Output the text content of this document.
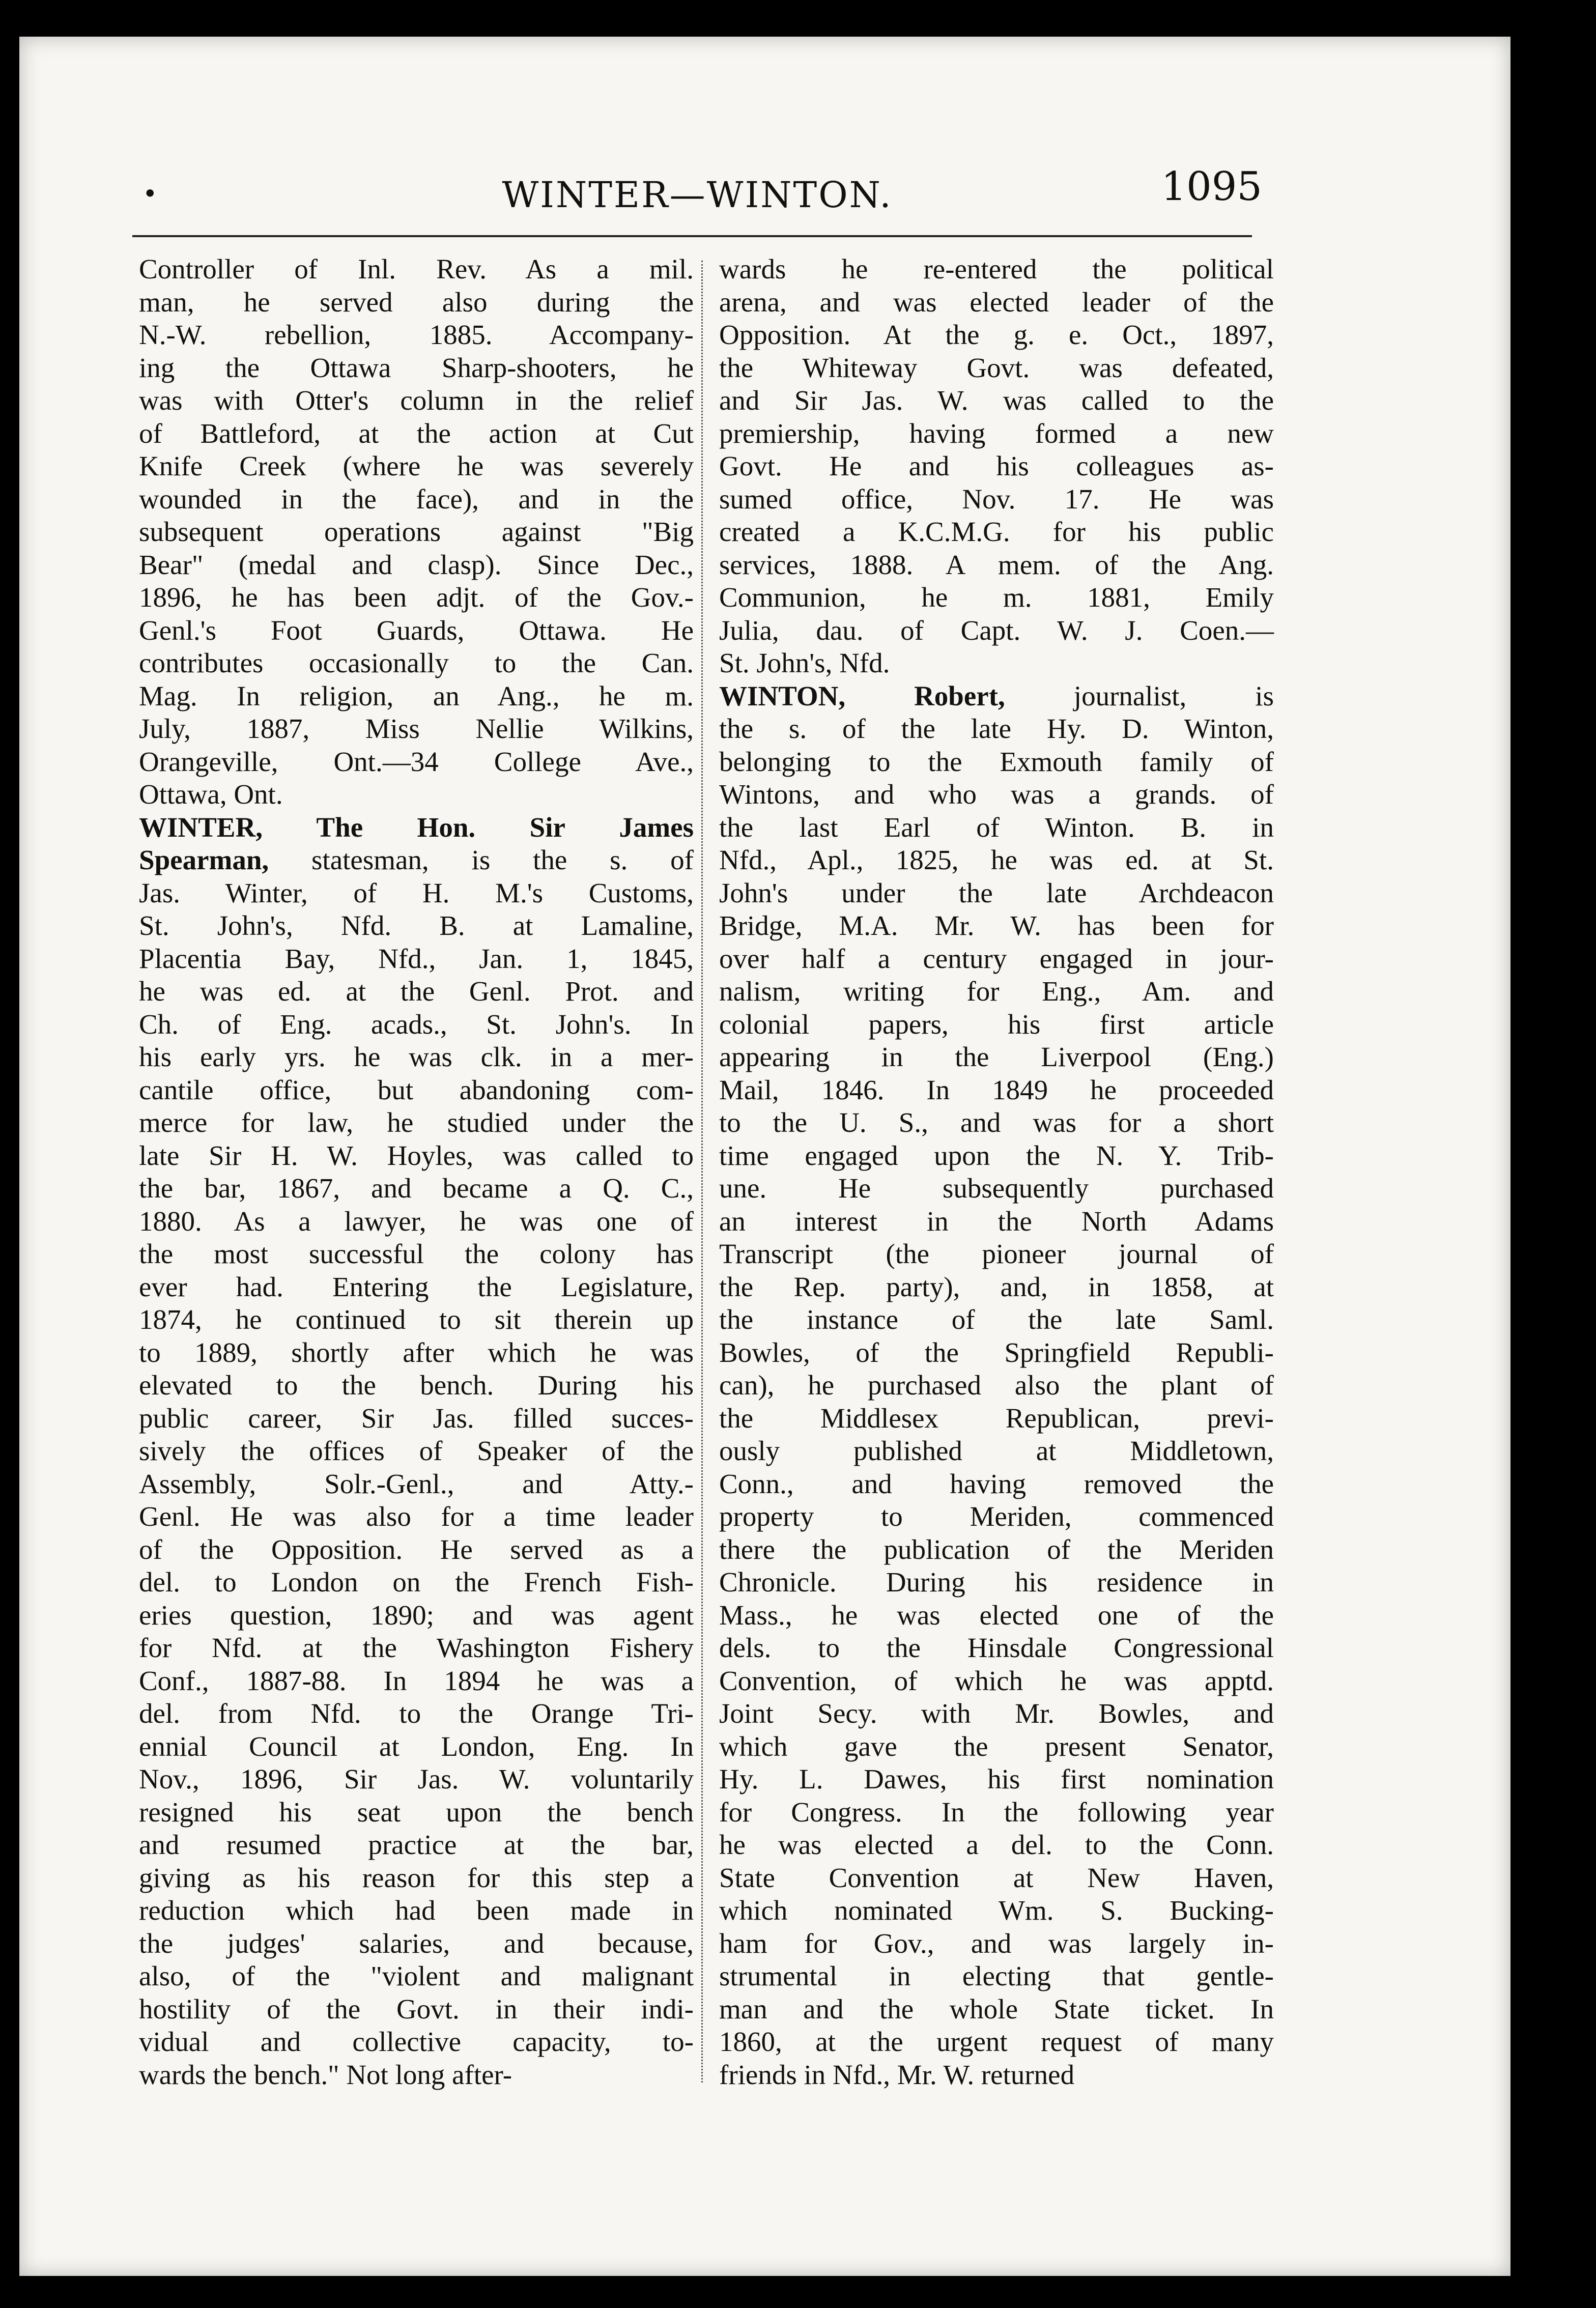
•	WINTER—WINTON.	1095
Controller of Inl. Rev. As a mil.
man, he served also during the
N.-W. rebellion, 1885. Accompany-
ing the Ottawa Sharp-shooters, he
was with Otter's column in the relief
of Battleford, at the action at Cut
Knife Creek (where he was severely
wounded in the face), and in the
subsequent operations against "Big
Bear" (medal and clasp). Since Dec.,
1896, he has been adjt. of the Gov.-
Genl.'s Foot Guards, Ottawa. He
contributes occasionally to the Can.
Mag. In religion, an Ang., he m.
July, 1887, Miss Nellie Wilkins,
Orangeville, Ont.—34 College Ave.,
Ottawa, Ont.
WINTER, The Hon. Sir James
Spearman, statesman, is the s. of
Jas. Winter, of H. M.'s Customs,
St. John's, Nfd. B. at Lamaline,
Placentia Bay, Nfd., Jan. 1, 1845,
he was ed. at the Genl. Prot. and
Ch. of Eng. acads., St. John's. In
his early yrs. he was clk. in a mer-
cantile office, but abandoning com-
merce for law, he studied under the
late Sir H. W. Hoyles, was called to
the bar, 1867, and became a Q. C.,
1880. As a lawyer, he was one of
the most successful the colony has
ever had. Entering the Legislature,
1874, he continued to sit therein up
to 1889, shortly after which he was
elevated to the bench. During his
public career, Sir Jas. filled succes-
sively the offices of Speaker of the
Assembly, Solr.-Genl., and Atty.-
Genl. He was also for a time leader
of the Opposition. He served as a
del. to London on the French Fish-
eries question, 1890; and was agent
for Nfd. at the Washington Fishery
Conf., 1887-88. In 1894 he was a
del. from Nfd. to the Orange Tri-
ennial Council at London, Eng. In
Nov., 1896, Sir Jas. W. voluntarily
resigned his seat upon the bench
and resumed practice at the bar,
giving as his reason for this step a
reduction which had been made in
the judges' salaries, and because,
also, of the "violent and malignant
hostility of the Govt. in their indi-
vidual and collective capacity, to-
wards the bench." Not long after-
wards he re-entered the political
arena, and was elected leader of the
Opposition. At the g. e. Oct., 1897,
the Whiteway Govt. was defeated,
and Sir Jas. W. was called to the
premiership, having formed a new
Govt. He and his colleagues as-
sumed office, Nov. 17. He was
created a K.C.M.G. for his public
services, 1888. A mem. of the Ang.
Communion, he m. 1881, Emily
Julia, dau. of Capt. W. J. Coen.—
St. John's, Nfd.
WINTON, Robert, journalist, is
the s. of the late Hy. D. Winton,
belonging to the Exmouth family of
Wintons, and who was a grands. of
the last Earl of Winton. B. in
Nfd., Apl., 1825, he was ed. at St.
John's under the late Archdeacon
Bridge, M.A. Mr. W. has been for
over half a century engaged in jour-
nalism, writing for Eng., Am. and
colonial papers, his first article
appearing in the Liverpool (Eng.)
Mail, 1846. In 1849 he proceeded
to the U. S., and was for a short
time engaged upon the N. Y. Trib-
une. He subsequently purchased
an interest in the North Adams
Transcript (the pioneer journal of
the Rep. party), and, in 1858, at
the instance of the late Saml.
Bowles, of the Springfield Republi-
can), he purchased also the plant of
the Middlesex Republican, previ-
ously published at Middletown,
Conn., and having removed the
property to Meriden, commenced
there the publication of the Meriden
Chronicle. During his residence in
Mass., he was elected one of the
dels. to the Hinsdale Congressional
Convention, of which he was apptd.
Joint Secy. with Mr. Bowles, and
which gave the present Senator,
Hy. L. Dawes, his first nomination
for Congress. In the following year
he was elected a del. to the Conn.
State Convention at New Haven,
which nominated Wm. S. Bucking-
ham for Gov., and was largely in-
strumental in electing that gentle-
man and the whole State ticket. In
1860, at the urgent request of many
friends in Nfd., Mr. W. returned
